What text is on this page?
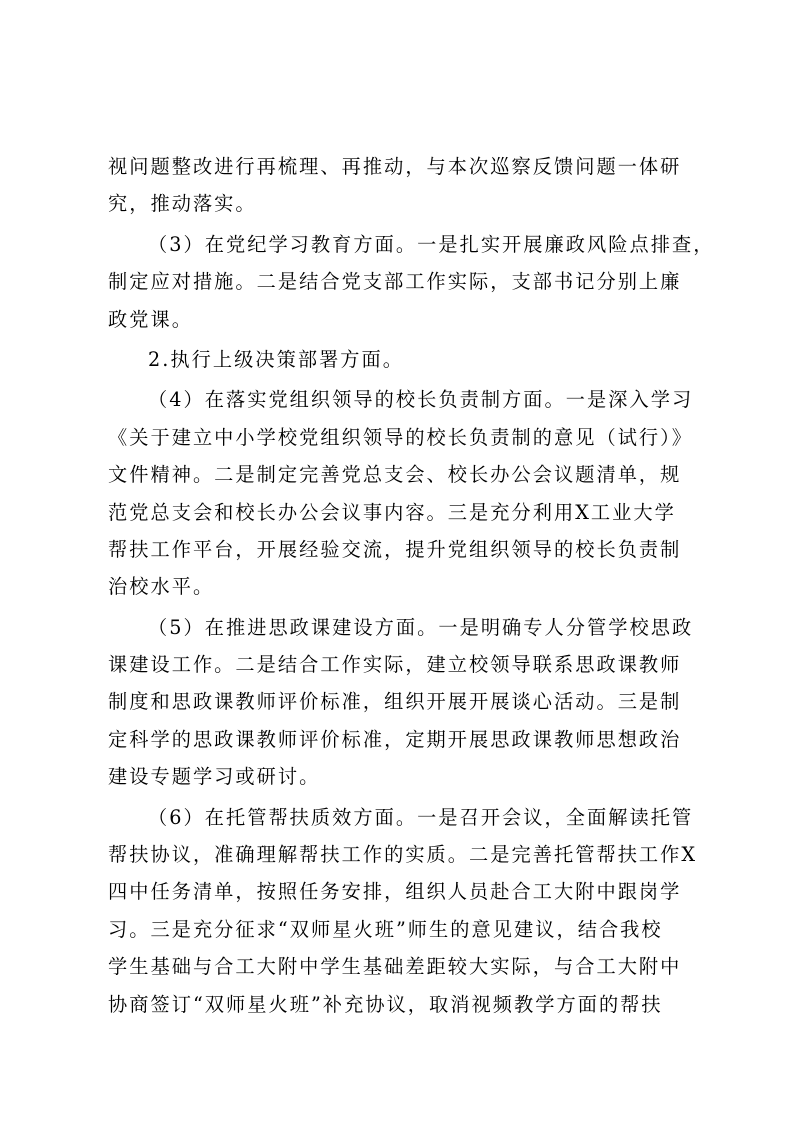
视问题整改进行再梳理、再推动，与本次巡察反馈问题一体研
究，推动落实。
（3）在党纪学习教育方面。一是扎实开展廉政风险点排查，
制定应对措施。二是结合党支部工作实际，支部书记分别上廉
政党课。
2.执行上级决策部署方面。
（4）在落实党组织领导的校长负责制方面。一是深入学习
《关于建立中小学校党组织领导的校长负责制的意见（试行）》
文件精神。二是制定完善党总支会、校长办公会议题清单，规
范党总支会和校长办公会议事内容。三是充分利用X工业大学
帮扶工作平台，开展经验交流，提升党组织领导的校长负责制
治校水平。
（5）在推进思政课建设方面。一是明确专人分管学校思政
课建设工作。二是结合工作实际，建立校领导联系思政课教师
制度和思政课教师评价标准，组织开展开展谈心活动。三是制
定科学的思政课教师评价标准，定期开展思政课教师思想政治
建设专题学习或研讨。
（6）在托管帮扶质效方面。一是召开会议，全面解读托管
帮扶协议，准确理解帮扶工作的实质。二是完善托管帮扶工作X
四中任务清单，按照任务安排，组织人员赴合工大附中跟岗学
习。三是充分征求“双师星火班”师生的意见建议，结合我校
学生基础与合工大附中学生基础差距较大实际，与合工大附中
协商签订“双师星火班”补充协议，取消视频教学方面的帮扶
